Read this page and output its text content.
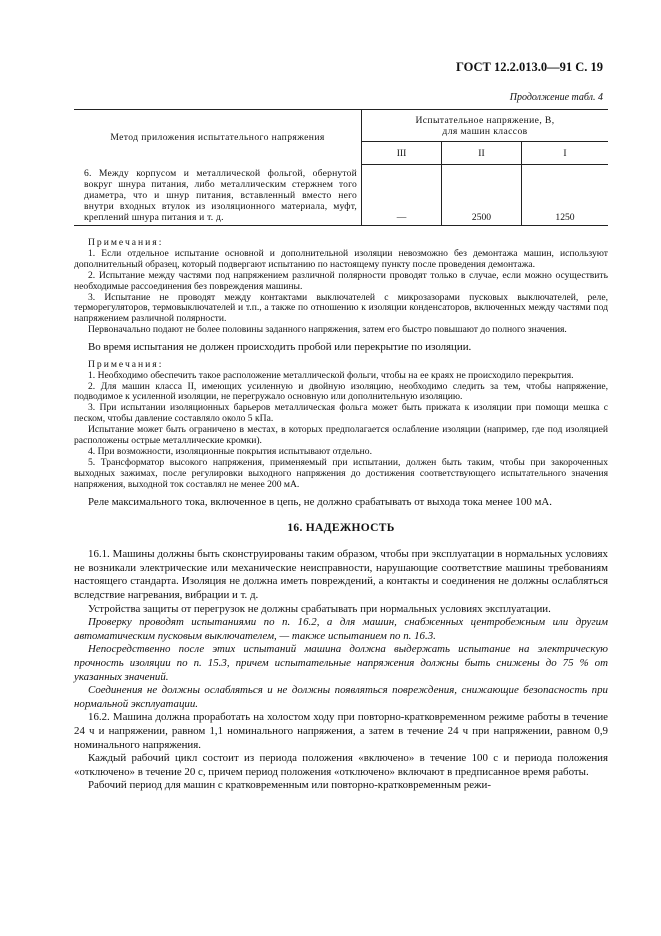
ГОСТ 12.2.013.0—91 С. 19
Продолжение табл. 4
Метод приложения испытательного напряжения	Испытательное напряжение, В,
для машин классов		

	III	II	I
6. Между корпусом и металлической фольгой, обернутой вокруг шнура питания, либо металлическим стержнем того диаметра, что и шнур питания, вставленный вместо него внутри входных втулок из изоляционного материала, муфт, креплений шнура питания и т. д.	—	2500	1250

Примечания:

1. Если отдельное испытание основной и дополнительной изоляции невозможно без демонтажа машин, используют дополнительный образец, который подвергают испытанию по настоящему пункту после проведения демонтажа.

2. Испытание между частями под напряжением различной полярности проводят только в случае, если можно осуществить необходимые рассоединения без повреждения машины.

3. Испытание не проводят между контактами выключателей с микрозазорами пусковых выключателей, реле, терморегуляторов, термовыключателей и т.п., а также по отношению к изоляции конденсаторов, включенных между частями под напряжением различной полярности.

Первоначально подают не более половины заданного напряжения, затем его быстро повышают до полного значения.

Во время испытания не должен происходить пробой или перекрытие по изоляции.

Примечания:

1. Необходимо обеспечить такое расположение металлической фольги, чтобы на ее краях не происходило перекрытия.

2. Для машин класса II, имеющих усиленную и двойную изоляцию, необходимо следить за тем, чтобы напряжение, подводимое к усиленной изоляции, не перегружало основную или дополнительную изоляцию.

3. При испытании изоляционных барьеров металлическая фольга может быть прижата к изоляции при помощи мешка с песком, чтобы давление составляло около 5 кПа.

Испытание может быть ограничено в местах, в которых предполагается ослабление изоляции (например, где под изоляцией расположены острые металлические кромки).

4. При возможности, изоляционные покрытия испытывают отдельно.

5. Трансформатор высокого напряжения, применяемый при испытании, должен быть таким, чтобы при закороченных выходных зажимах, после регулировки выходного напряжения до достижения соответствующего испытательного значения напряжения, выходной ток составлял не менее 200 мА.

Реле максимального тока, включенное в цепь, не должно срабатывать от выхода тока менее 100 мА.

16. НАДЕЖНОСТЬ

16.1. Машины должны быть сконструированы таким образом, чтобы при эксплуатации в нормальных условиях не возникали электрические или механические неисправности, нарушающие соответствие машины требованиям настоящего стандарта. Изоляция не должна иметь повреждений, а контакты и соединения не должны ослабляться вследствие нагревания, вибрации и т. д.

Устройства защиты от перегрузок не должны срабатывать при нормальных условиях эксплуатации.

Проверку проводят испытаниями по п. 16.2, а для машин, снабженных центробежным или другим автоматическим пусковым выключателем, — также испытанием по п. 16.3.

Непосредственно после этих испытаний машина должна выдержать испытание на электрическую прочность изоляции по п. 15.3, причем испытательные напряжения должны быть снижены до 75 % от указанных значений.

Соединения не должны ослабляться и не должны появляться повреждения, снижающие безопасность при нормальной эксплуатации.

16.2. Машина должна проработать на холостом ходу при повторно-кратковременном режиме работы в течение 24 ч и напряжении, равном 1,1 номинального напряжения, а затем в течение 24 ч при напряжении, равном 0,9 номинального напряжения.

Каждый рабочий цикл состоит из периода положения «включено» в течение 100 с и периода положения «отключено» в течение 20 с, причем период положения «отключено» включают в предписанное время работы.

Рабочий период для машин с кратковременным или повторно-кратковременным режи-
